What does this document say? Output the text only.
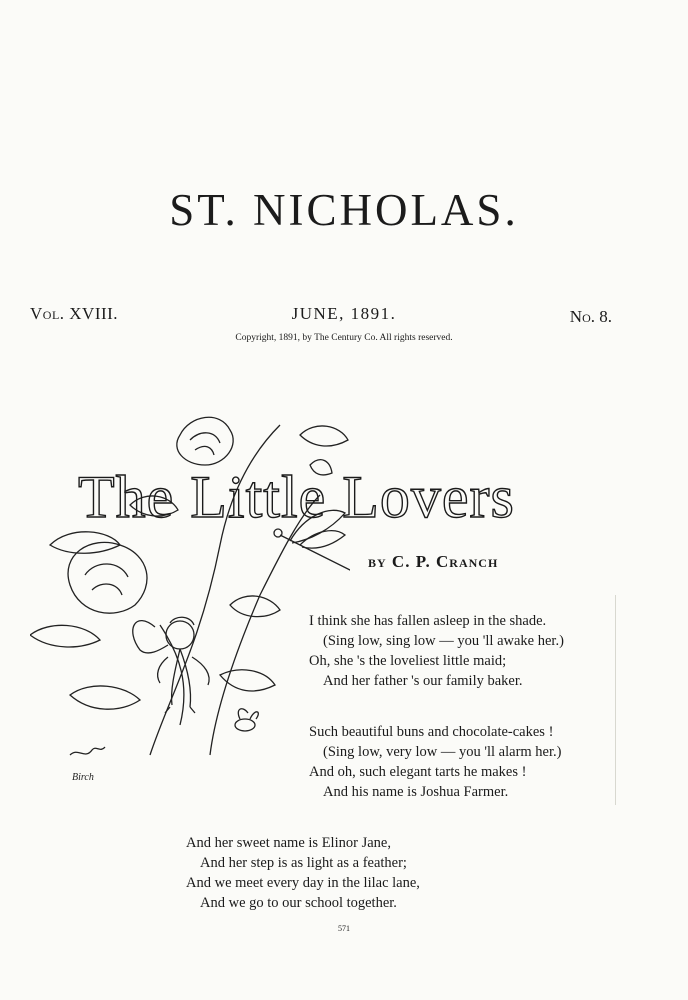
ST. NICHOLAS.
Vol. XVIII.	JUNE, 1891.	No. 8.
Copyright, 1891, by The Century Co. All rights reserved.
Birch
The Little Lovers
by C. P. Cranch
I think she has fallen asleep in the shade.
(Sing low, sing low — you 'll awake her.)
Oh, she 's the loveliest little maid;
And her father 's our family baker.
Such beautiful buns and chocolate-cakes !
(Sing low, very low — you 'll alarm her.)
And oh, such elegant tarts he makes !
And his name is Joshua Farmer.
And her sweet name is Elinor Jane,
And her step is as light as a feather;
And we meet every day in the lilac lane,
And we go to our school together.
571
